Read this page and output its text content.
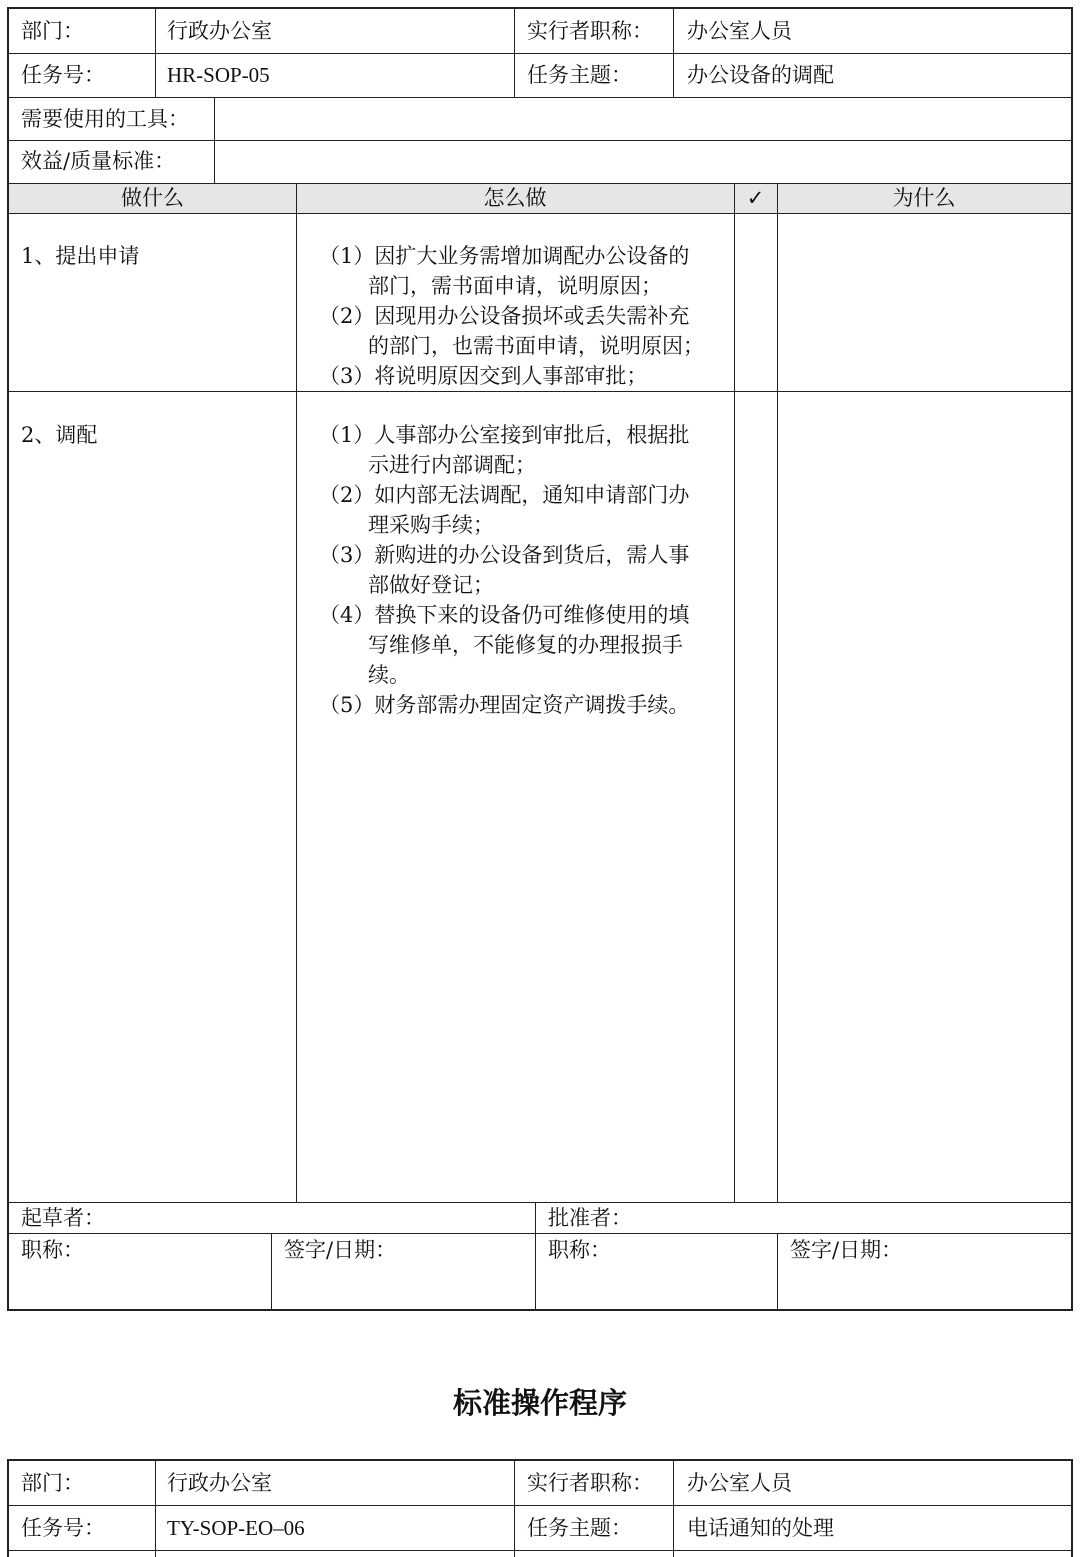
部门：	行政办公室	实行者职称： 办公室人员
任务号：	HR-SOP-05	任务主题：	办公设备的调配
需要使用的工具：
效益/质量标准：
做什么	怎么做	✓	为什么
1、提出申请	（1）因扩大业务需增加调配办公设备的
部门，需书面申请，说明原因；
（2）因现用办公设备损坏或丢失需补充
的部门，也需书面申请，说明原因；
（3）将说明原因交到人事部审批；
2、调配	（1）人事部办公室接到审批后，根据批
示进行内部调配；
（2）如内部无法调配，通知申请部门办
理采购手续；
（3）新购进的办公设备到货后，需人事
部做好登记；
（4）替换下来的设备仍可维修使用的填
写维修单，不能修复的办理报损手
续。
（5）财务部需办理固定资产调拨手续。
起草者：	批准者：
职称：	签字/日期：	职称：	签字/日期：
标准操作程序
部门：	行政办公室	实行者职称： 办公室人员
任务号：	TY-SOP-EO–06	任务主题：	电话通知的处理
